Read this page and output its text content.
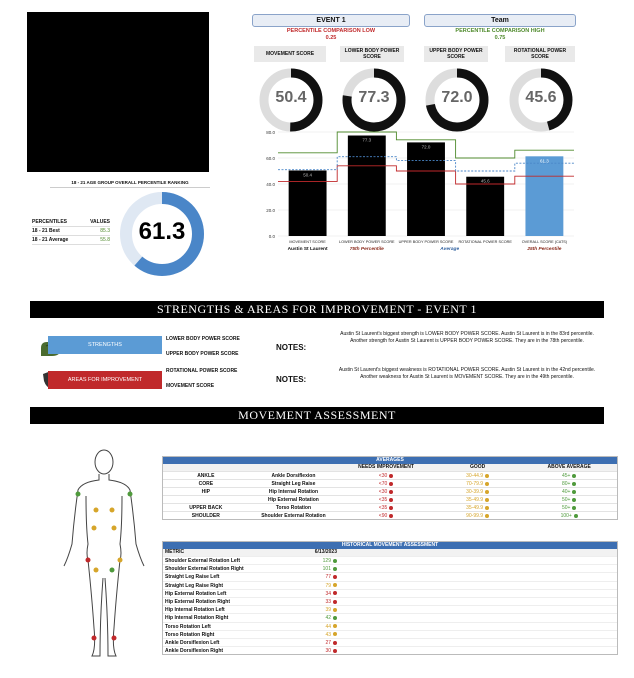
EVENT 1	Team
PERCENTILE COMPARISON LOW
0.25
PERCENTILE COMPARISON HIGH
0.75
MOVEMENT SCORE	LOWER BODY POWER SCORE
UPPER BODY POWER SCORE
ROTATIONAL POWER SCORE
50.4	77.3	72.0	45.6
80.0
60.0
40.0
20.0
0.0
50.4
MOVEMENT SCORE
77.3
LOWER BODY POWER SCORE
72.0
UPPER BODY POWER SCORE
45.6
ROTATIONAL POWER SCORE
61.3
OVERALL SCORE (CATS)
Austin St Laurent	75th Percentile	Average	25th Percentile
18 - 21 AGE GROUP OVERALL PERCENTILE RANKING
PERCENTILES	VALUES
18 - 21 Best	85.3
18 - 21 Average	55.8	61.3
STRENGTHS & AREAS FOR IMPROVEMENT - EVENT 1
STRENGTHS
LOWER BODY POWER SCORE
UPPER BODY POWER SCORE
NOTES:
Austin St Laurent's biggest strength is LOWER BODY POWER SCORE. Austin St Laurent is in the 83rd percentile. Another strength for Austin St Laurent is UPPER BODY POWER SCORE. They are in the 78th percentile.
AREAS FOR IMPROVEMENT
ROTATIONAL POWER SCORE
MOVEMENT SCORE
NOTES:
Austin St Laurent's biggest weakness is ROTATIONAL POWER SCORE. Austin St Laurent is in the 42nd percentile. Another weakness for Austin St Laurent is MOVEMENT SCORE. They are in the 49th percentile.
MOVEMENT ASSESSMENT
AVERAGES
NEEDS IMPROVEMENT	GOOD	ABOVE AVERAGE
ANKLE	Ankle Dorsiflexion	<30	30-44.9	45+
CORE	Straight Leg Raise	<70	70-79.9	80+
HIP	Hip Internal Rotation	<30	30-39.9	40+
Hip External Rotation	<35	35-49.9	50+
UPPER BACK	Torso Rotation	<35	35-49.9	50+
SHOULDER	Shoulder External Rotation	<90	90-99.9	100+
HISTORICAL MOVEMENT ASSESSMENT
METRIC	6/13/2023
Shoulder External Rotation Left	129
Shoulder External Rotation Right	101
Straight Leg Raise Left	77
Straight Leg Raise Right	79
Hip External Rotation Left	34
Hip External Rotation Right	33
Hip Internal Rotation Left	39
Hip Internal Rotation Right	42
Torso Rotation Left	44
Torso Rotation Right	43
Ankle Dorsiflexion Left	27
Ankle Dorsiflexion Right	30
